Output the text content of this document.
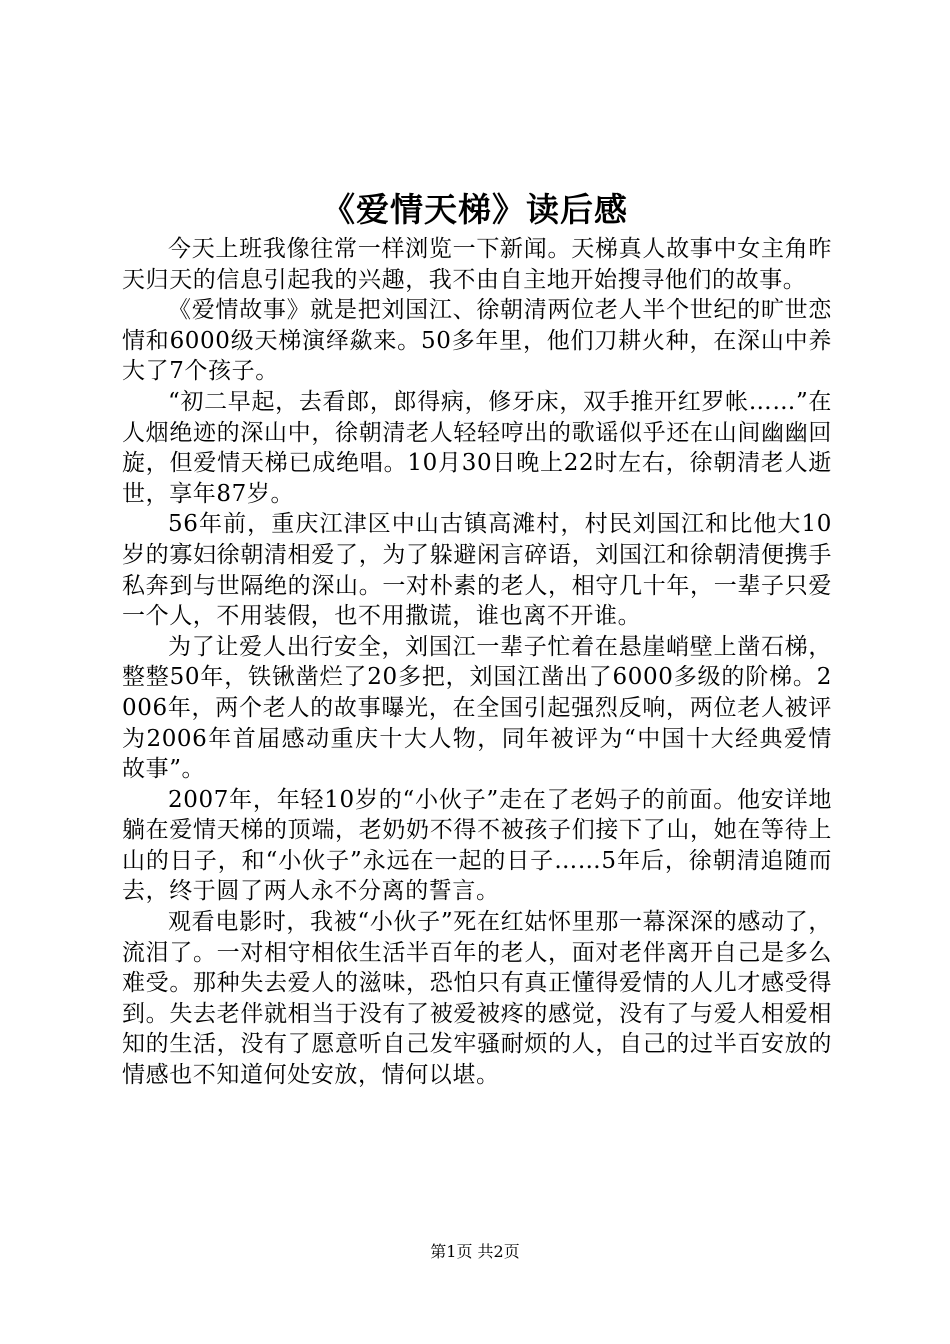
《爱情天梯》读后感

今天上班我像往常一样浏览一下新闻。天梯真人故事中女主角昨天归天的信息引起我的兴趣，我不由自主地开始搜寻他们的故事。

《爱情故事》就是把刘国江、徐朝清两位老人半个世纪的旷世恋情和6000级天梯演绎歘来。50多年里，他们刀耕火种，在深山中养大了7个孩子。

“初二早起，去看郎，郎得病，修牙床，双手推开红罗帐……”在人烟绝迹的深山中，徐朝清老人轻轻哼出的歌谣似乎还在山间幽幽回旋，但爱情天梯已成绝唱。10月30日晚上22时左右，徐朝清老人逝世，享年87岁。

56年前，重庆江津区中山古镇高滩村，村民刘国江和比他大10岁的寡妇徐朝清相爱了，为了躲避闲言碎语，刘国江和徐朝清便携手私奔到与世隔绝的深山。一对朴素的老人，相守几十年，一辈子只爱一个人，不用装假，也不用撒谎，谁也离不开谁。

为了让爱人出行安全，刘国江一辈子忙着在悬崖峭壁上凿石梯，整整50年，铁锹凿烂了20多把，刘国江凿出了6000多级的阶梯。2006年，两个老人的故事曝光，在全国引起强烈反响，两位老人被评为2006年首届感动重庆十大人物，同年被评为“中国十大经典爱情故事”。

2007年，年轻10岁的“小伙子”走在了老妈子的前面。他安详地躺在爱情天梯的顶端，老奶奶不得不被孩子们接下了山，她在等待上山的日子，和“小伙子”永远在一起的日子……5年后，徐朝清追随而去，终于圆了两人永不分离的誓言。

观看电影时，我被“小伙子”死在红姑怀里那一幕深深的感动了，流泪了。一对相守相依生活半百年的老人，面对老伴离开自己是多么难受。那种失去爱人的滋味，恐怕只有真正懂得爱情的人儿才感受得到。失去老伴就相当于没有了被爱被疼的感觉，没有了与爱人相爱相知的生活，没有了愿意听自己发牢骚耐烦的人，自己的过半百安放的情感也不知道何处安放，情何以堪。

第1页 共2页
